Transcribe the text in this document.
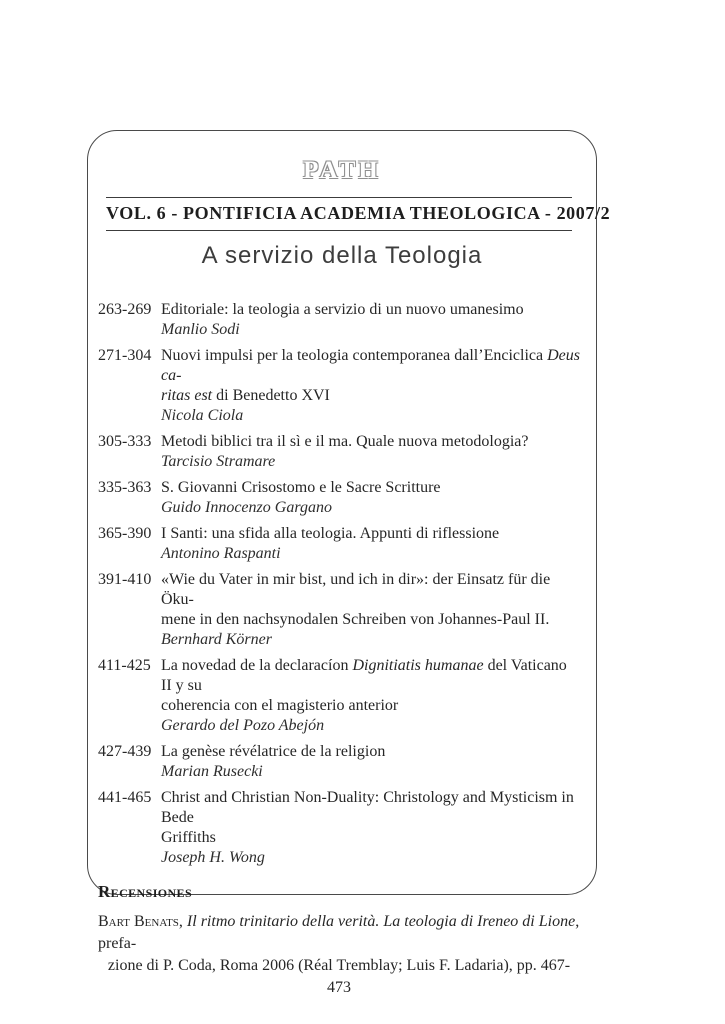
PATH
VOL. 6 - PONTIFICIA ACADEMIA THEOLOGICA - 2007/2
A servizio della Teologia
263-269 Editoriale: la teologia a servizio di un nuovo umanesimo
Manlio Sodi
271-304 Nuovi impulsi per la teologia contemporanea dall’Enciclica Deus ca-
ritas est di Benedetto XVI
Nicola Ciola
305-333 Metodi biblici tra il sì e il ma. Quale nuova metodologia?
Tarcisio Stramare
335-363 S. Giovanni Crisostomo e le Sacre Scritture
Guido Innocenzo Gargano
365-390 I Santi: una sfida alla teologia. Appunti di riflessione
Antonino Raspanti
391-410 «Wie du Vater in mir bist, und ich in dir»: der Einsatz für die Öku-
mene in den nachsynodalen Schreiben von Johannes-Paul II.
Bernhard Körner
411-425 La novedad de la declaracíon Dignitiatis humanae del Vaticano II y su
coherencia con el magisterio anterior
Gerardo del Pozo Abejón
427-439 La genèse révélatrice de la religion
Marian Rusecki
441-465 Christ and Christian Non-Duality: Christology and Mysticism in Bede
Griffiths
Joseph H. Wong
Recensiones
Bart Benats, Il ritmo trinitario della verità. La teologia di Ireneo di Lione, prefa-
zione di P. Coda, Roma 2006 (Réal Tremblay; Luis F. Ladaria), pp. 467-473
